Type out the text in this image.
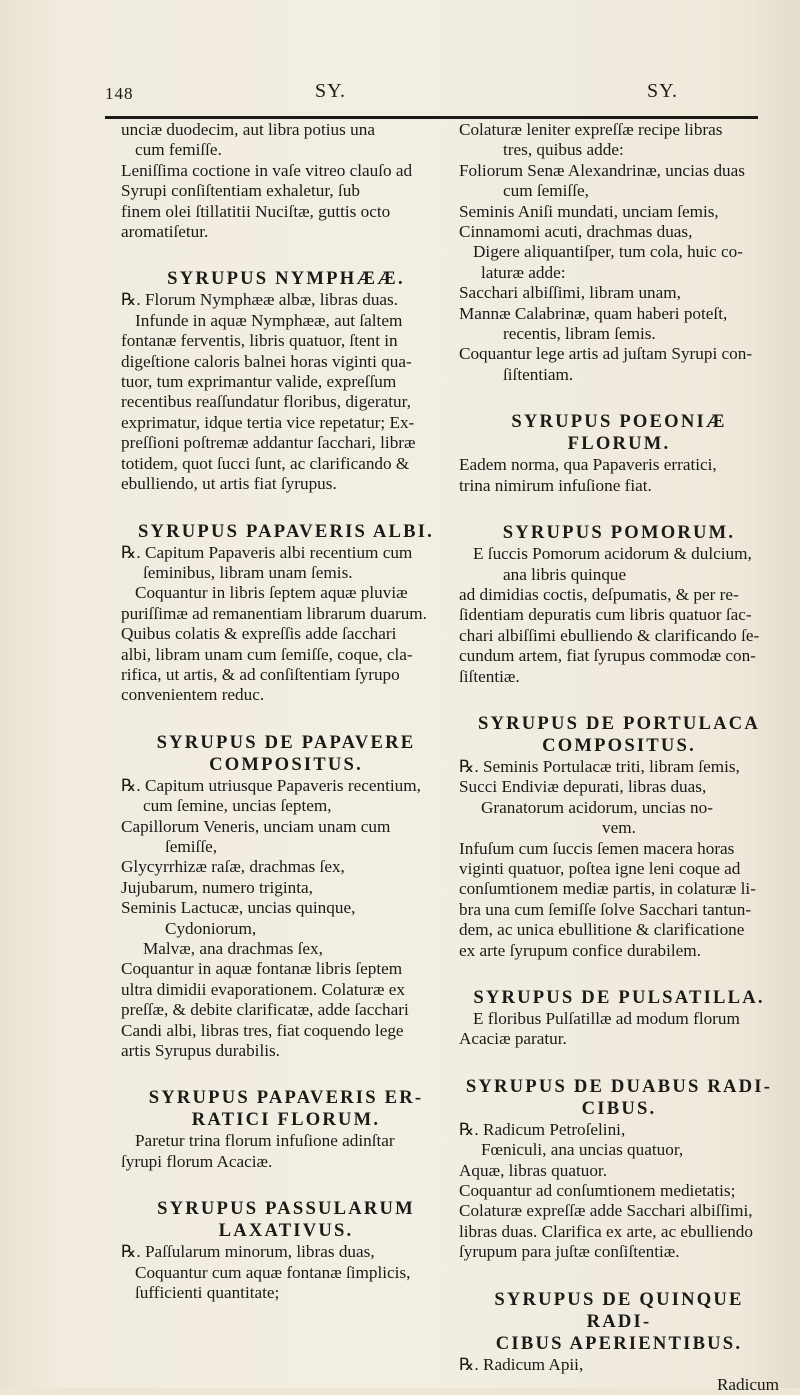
148	SY.	SY.
unciæ duodecim, aut libra potius una
cum femiſſe.
Leniſſima coctione in vaſe vitreo clauſo ad
Syrupi conſiſtentiam exhaletur, ſub
finem olei ſtillatitii Nuciſtæ, guttis octo
aromatiſetur.
SYRUPUS NYMPHÆÆ.
℞. Florum Nymphææ albæ, libras duas.
Infunde in aquæ Nymphææ, aut ſaltem
fontanæ ferventis, libris quatuor, ſtent in
digeſtione caloris balnei horas viginti qua-
tuor, tum exprimantur valide, expreſſum
recentibus reaſſundatur floribus, digeratur,
exprimatur, idque tertia vice repetatur; Ex-
preſſioni poſtremæ addantur ſacchari, libræ
totidem, quot ſucci ſunt, ac clarificando &
ebulliendo, ut artis fiat ſyrupus.
SYRUPUS PAPAVERIS ALBI.
℞. Capitum Papaveris albi recentium cum
ſeminibus, libram unam ſemis.
Coquantur in libris ſeptem aquæ pluviæ
puriſſimæ ad remanentiam librarum duarum.
Quibus colatis & expreſſis adde ſacchari
albi, libram unam cum ſemiſſe, coque, cla-
rifica, ut artis, & ad conſiſtentiam ſyrupo
convenientem reduc.
SYRUPUS DE PAPAVERE
COMPOSITUS.
℞. Capitum utriusque Papaveris recentium,
cum ſemine, uncias ſeptem,
Capillorum Veneris, unciam unam cum
ſemiſſe,
Glycyrrhizæ raſæ, drachmas ſex,
Jujubarum, numero triginta,
Seminis Lactucæ, uncias quinque,
Cydoniorum,
Malvæ, ana drachmas ſex,
Coquantur in aquæ fontanæ libris ſeptem
ultra dimidii evaporationem. Colaturæ ex
preſſæ, & debite clarificatæ, adde ſacchari
Candi albi, libras tres, fiat coquendo lege
artis Syrupus durabilis.
SYRUPUS PAPAVERIS ER-
RATICI FLORUM.
Paretur trina florum infuſione adinſtar
ſyrupi florum Acaciæ.
SYRUPUS PASSULARUM
LAXATIVUS.
℞. Paſſularum minorum, libras duas,
Coquantur cum aquæ fontanæ ſimplicis,
ſufficienti quantitate;
Colaturæ leniter expreſſæ recipe libras
tres, quibus adde:
Foliorum Senæ Alexandrinæ, uncias duas
cum ſemiſſe,
Seminis Aniſi mundati, unciam ſemis,
Cinnamomi acuti, drachmas duas,
Digere aliquantiſper, tum cola, huic co-
laturæ adde:
Sacchari albiſſimi, libram unam,
Mannæ Calabrinæ, quam haberi poteſt,
recentis, libram ſemis.
Coquantur lege artis ad juſtam Syrupi con-
ſiſtentiam.
SYRUPUS POEONIÆ FLORUM.
Eadem norma, qua Papaveris erratici,
trina nimirum infuſione fiat.
SYRUPUS POMORUM.
E ſuccis Pomorum acidorum & dulcium,
ana libris quinque
ad dimidias coctis, deſpumatis, & per re-
ſidentiam depuratis cum libris quatuor ſac-
chari albiſſimi ebulliendo & clarificando ſe-
cundum artem, fiat ſyrupus commodæ con-
ſiſtentiæ.
SYRUPUS DE PORTULACA
COMPOSITUS.
℞. Seminis Portulacæ triti, libram ſemis,
Succi Endiviæ depurati, libras duas,
Granatorum acidorum, uncias no-
vem.
Infuſum cum ſuccis ſemen macera horas
viginti quatuor, poſtea igne leni coque ad
conſumtionem mediæ partis, in colaturæ li-
bra una cum ſemiſſe ſolve Sacchari tantun-
dem, ac unica ebullitione & clarificatione
ex arte ſyrupum confice durabilem.
SYRUPUS DE PULSATILLA.
E floribus Pulſatillæ ad modum florum
Acaciæ paratur.
SYRUPUS DE DUABUS RADI-
CIBUS.
℞. Radicum Petroſelini,
Fœniculi, ana uncias quatuor,
Aquæ, libras quatuor.
Coquantur ad conſumtionem medietatis;
Colaturæ expreſſæ adde Sacchari albiſſimi,
libras duas. Clarifica ex arte, ac ebulliendo
ſyrupum para juſtæ conſiſtentiæ.
SYRUPUS DE QUINQUE RADI-
CIBUS APERIENTIBUS.
℞. Radicum Apii,
Radicum
